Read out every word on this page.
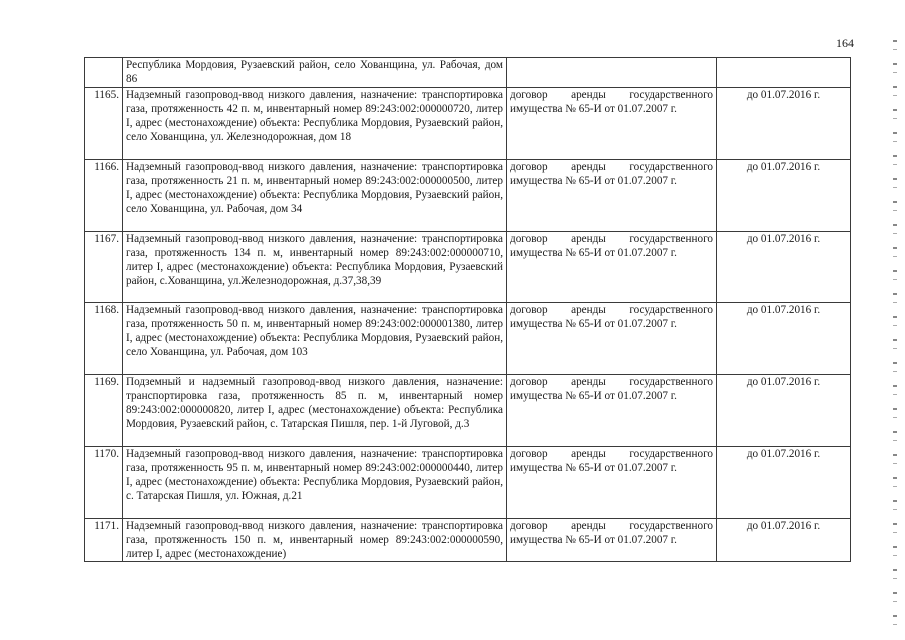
164
	Республика Мордовия, Рузаевский район, село Хованщина, ул. Рабочая, дом 86		
1165.	Надземный газопровод-ввод низкого давления, назначение: транспортировка газа, протяженность 42 п. м, инвентарный номер 89:243:002:000000720, литер I, адрес (местонахождение) объекта: Республика Мордовия, Рузаевский район, село Хованщина, ул. Железнодорожная, дом 18	договор аренды государственного имущества № 65-И от 01.07.2007 г.	до 01.07.2016 г.
1166.	Надземный газопровод-ввод низкого давления, назначение: транспортировка газа, протяженность 21 п. м, инвентарный номер 89:243:002:000000500, литер I, адрес (местонахождение) объекта: Республика Мордовия, Рузаевский район, село Хованщина, ул. Рабочая, дом 34	договор аренды государственного имущества № 65-И от 01.07.2007 г.	до 01.07.2016 г.
1167.	Надземный газопровод-ввод низкого давления, назначение: транспортировка газа, протяженность 134 п. м, инвентарный номер 89:243:002:000000710, литер I, адрес (местонахождение) объекта: Республика Мордовия, Рузаевский район, с.Хованщина, ул.Железнодорожная, д.37,38,39	договор аренды государственного имущества № 65-И от 01.07.2007 г.	до 01.07.2016 г.
1168.	Надземный газопровод-ввод низкого давления, назначение: транспортировка газа, протяженность 50 п. м, инвентарный номер 89:243:002:000001380, литер I, адрес (местонахождение) объекта: Республика Мордовия, Рузаевский район, село Хованщина, ул. Рабочая, дом 103	договор аренды государственного имущества № 65-И от 01.07.2007 г.	до 01.07.2016 г.
1169.	Подземный и надземный газопровод-ввод низкого давления, назначение: транспортировка газа, протяженность 85 п. м, инвентарный номер 89:243:002:000000820, литер I, адрес (местонахождение) объекта: Республика Мордовия, Рузаевский район, с. Татарская Пишля, пер. 1-й Луговой, д.3	договор аренды государственного имущества № 65-И от 01.07.2007 г.	до 01.07.2016 г.
1170.	Надземный газопровод-ввод низкого давления, назначение: транспортировка газа, протяженность 95 п. м, инвентарный номер 89:243:002:000000440, литер I, адрес (местонахождение) объекта: Республика Мордовия, Рузаевский район, с. Татарская Пишля, ул. Южная, д.21	договор аренды государственного имущества № 65-И от 01.07.2007 г.	до 01.07.2016 г.
1171.	Надземный газопровод-ввод низкого давления, назначение: транспортировка газа, протяженность 150 п. м, инвентарный номер 89:243:002:000000590, литер I, адрес (местонахождение)	договор аренды государственного имущества № 65-И от 01.07.2007 г.	до 01.07.2016 г.
